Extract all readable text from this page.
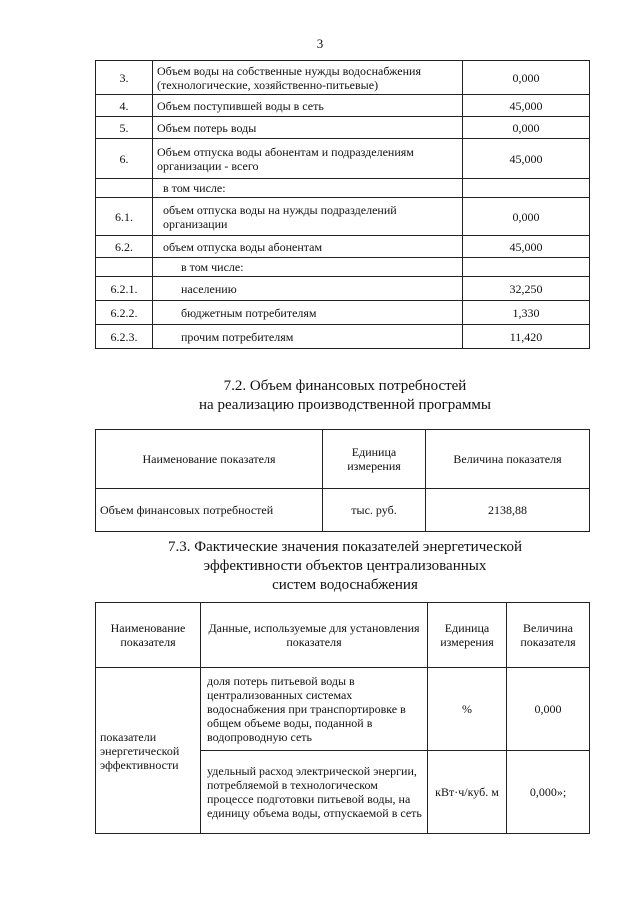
3
3.	Объем воды на собственные нужды водоснабжения (технологические, хозяйственно-питьевые)	0,000
4.	Объем поступившей воды в сеть	45,000
5.	Объем потерь воды	0,000
6.	Объем отпуска воды абонентам и подразделениям организации - всего	45,000
	в том числе:	
6.1.	объем отпуска воды на нужды подразделений организации	0,000
6.2.	объем отпуска воды абонентам	45,000
	в том числе:	
6.2.1.	населению	32,250
6.2.2.	бюджетным потребителям	1,330
6.2.3.	прочим потребителям	11,420
7.2. Объем финансовых потребностей
на реализацию производственной программы
Наименование показателя	Единица измерения	Величина показателя
Объем финансовых потребностей	тыс. руб.	2138,88
7.3. Фактические значения показателей энергетической
эффективности объектов централизованных
систем водоснабжения
Наименование показателя	Данные, используемые для установления показателя	Единица измерения	Величина показателя
показатели энергетической эффективности	доля потерь питьевой воды в централизованных системах водоснабжения при транспортировке в общем объеме воды, поданной в водопроводную сеть	%	0,000
	удельный расход электрической энергии, потребляемой в технологическом процессе подготовки питьевой воды, на единицу объема воды, отпускаемой в сеть	кВт·ч/куб. м	0,000»;
